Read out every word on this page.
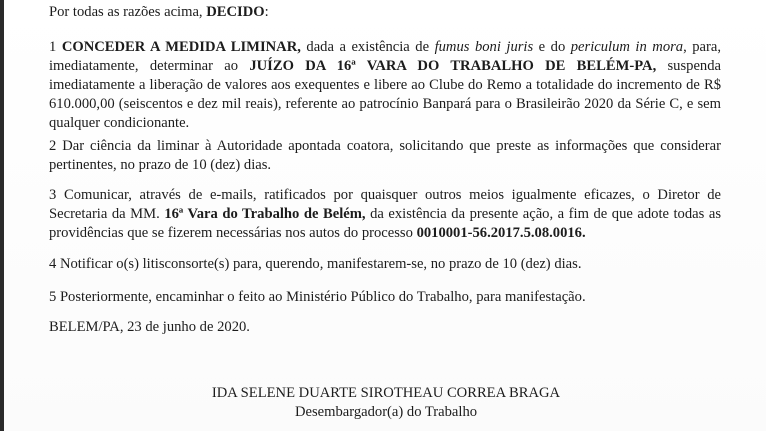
Por todas as razões acima, DECIDO:

1 CONCEDER A MEDIDA LIMINAR, dada a existência de fumus boni juris e do periculum in mora, para, imediatamente, determinar ao JUÍZO DA 16ª VARA DO TRABALHO DE BELÉM-PA, suspenda imediatamente a liberação de valores aos exequentes e libere ao Clube do Remo a totalidade do incremento de R$ 610.000,00 (seiscentos e dez mil reais), referente ao patrocínio Banpará para o Brasileirão 2020 da Série C, e sem qualquer condicionante.

2 Dar ciência da liminar à Autoridade apontada coatora, solicitando que preste as informações que considerar pertinentes, no prazo de 10 (dez) dias.

3 Comunicar, através de e-mails, ratificados por quaisquer outros meios igualmente eficazes, o Diretor de Secretaria da MM. 16ª Vara do Trabalho de Belém, da existência da presente ação, a fim de que adote todas as providências que se fizerem necessárias nos autos do processo 0010001-56.2017.5.08.0016.

4 Notificar o(s) litisconsorte(s) para, querendo, manifestarem-se, no prazo de 10 (dez) dias.

5 Posteriormente, encaminhar o feito ao Ministério Público do Trabalho, para manifestação.

BELEM/PA, 23 de junho de 2020.

IDA SELENE DUARTE SIROTHEAU CORREA BRAGA

Desembargador(a) do Trabalho
